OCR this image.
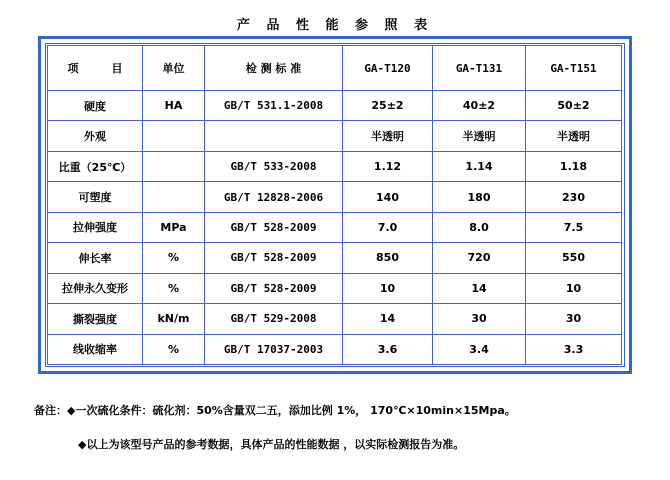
产 品 性 能 参 照 表
项　　　目	单位	检 测 标 准	GA-T120	GA-T131	GA-T151
硬度	HA	GB/T 531.1-2008	25±2	40±2	50±2
外观			半透明	半透明	半透明
比重（25℃）		GB/T 533-2008	1.12	1.14	1.18
可塑度		GB/T 12828-2006	140	180	230
拉伸强度	MPa	GB/T 528-2009	7.0	8.0	7.5
伸长率	%	GB/T 528-2009	850	720	550
拉伸永久变形	%	GB/T 528-2009	10	14	10
撕裂强度	kN/m	GB/T 529-2008	14	30	30
线收缩率	%	GB/T 17037-2003	3.6	3.4	3.3
备注：◆一次硫化条件：硫化剂：50%含量双二五，添加比例 1%， 170℃×10min×15Mpa。
◆以上为该型号产品的参考数据，具体产品的性能数据 ，以实际检测报告为准。
